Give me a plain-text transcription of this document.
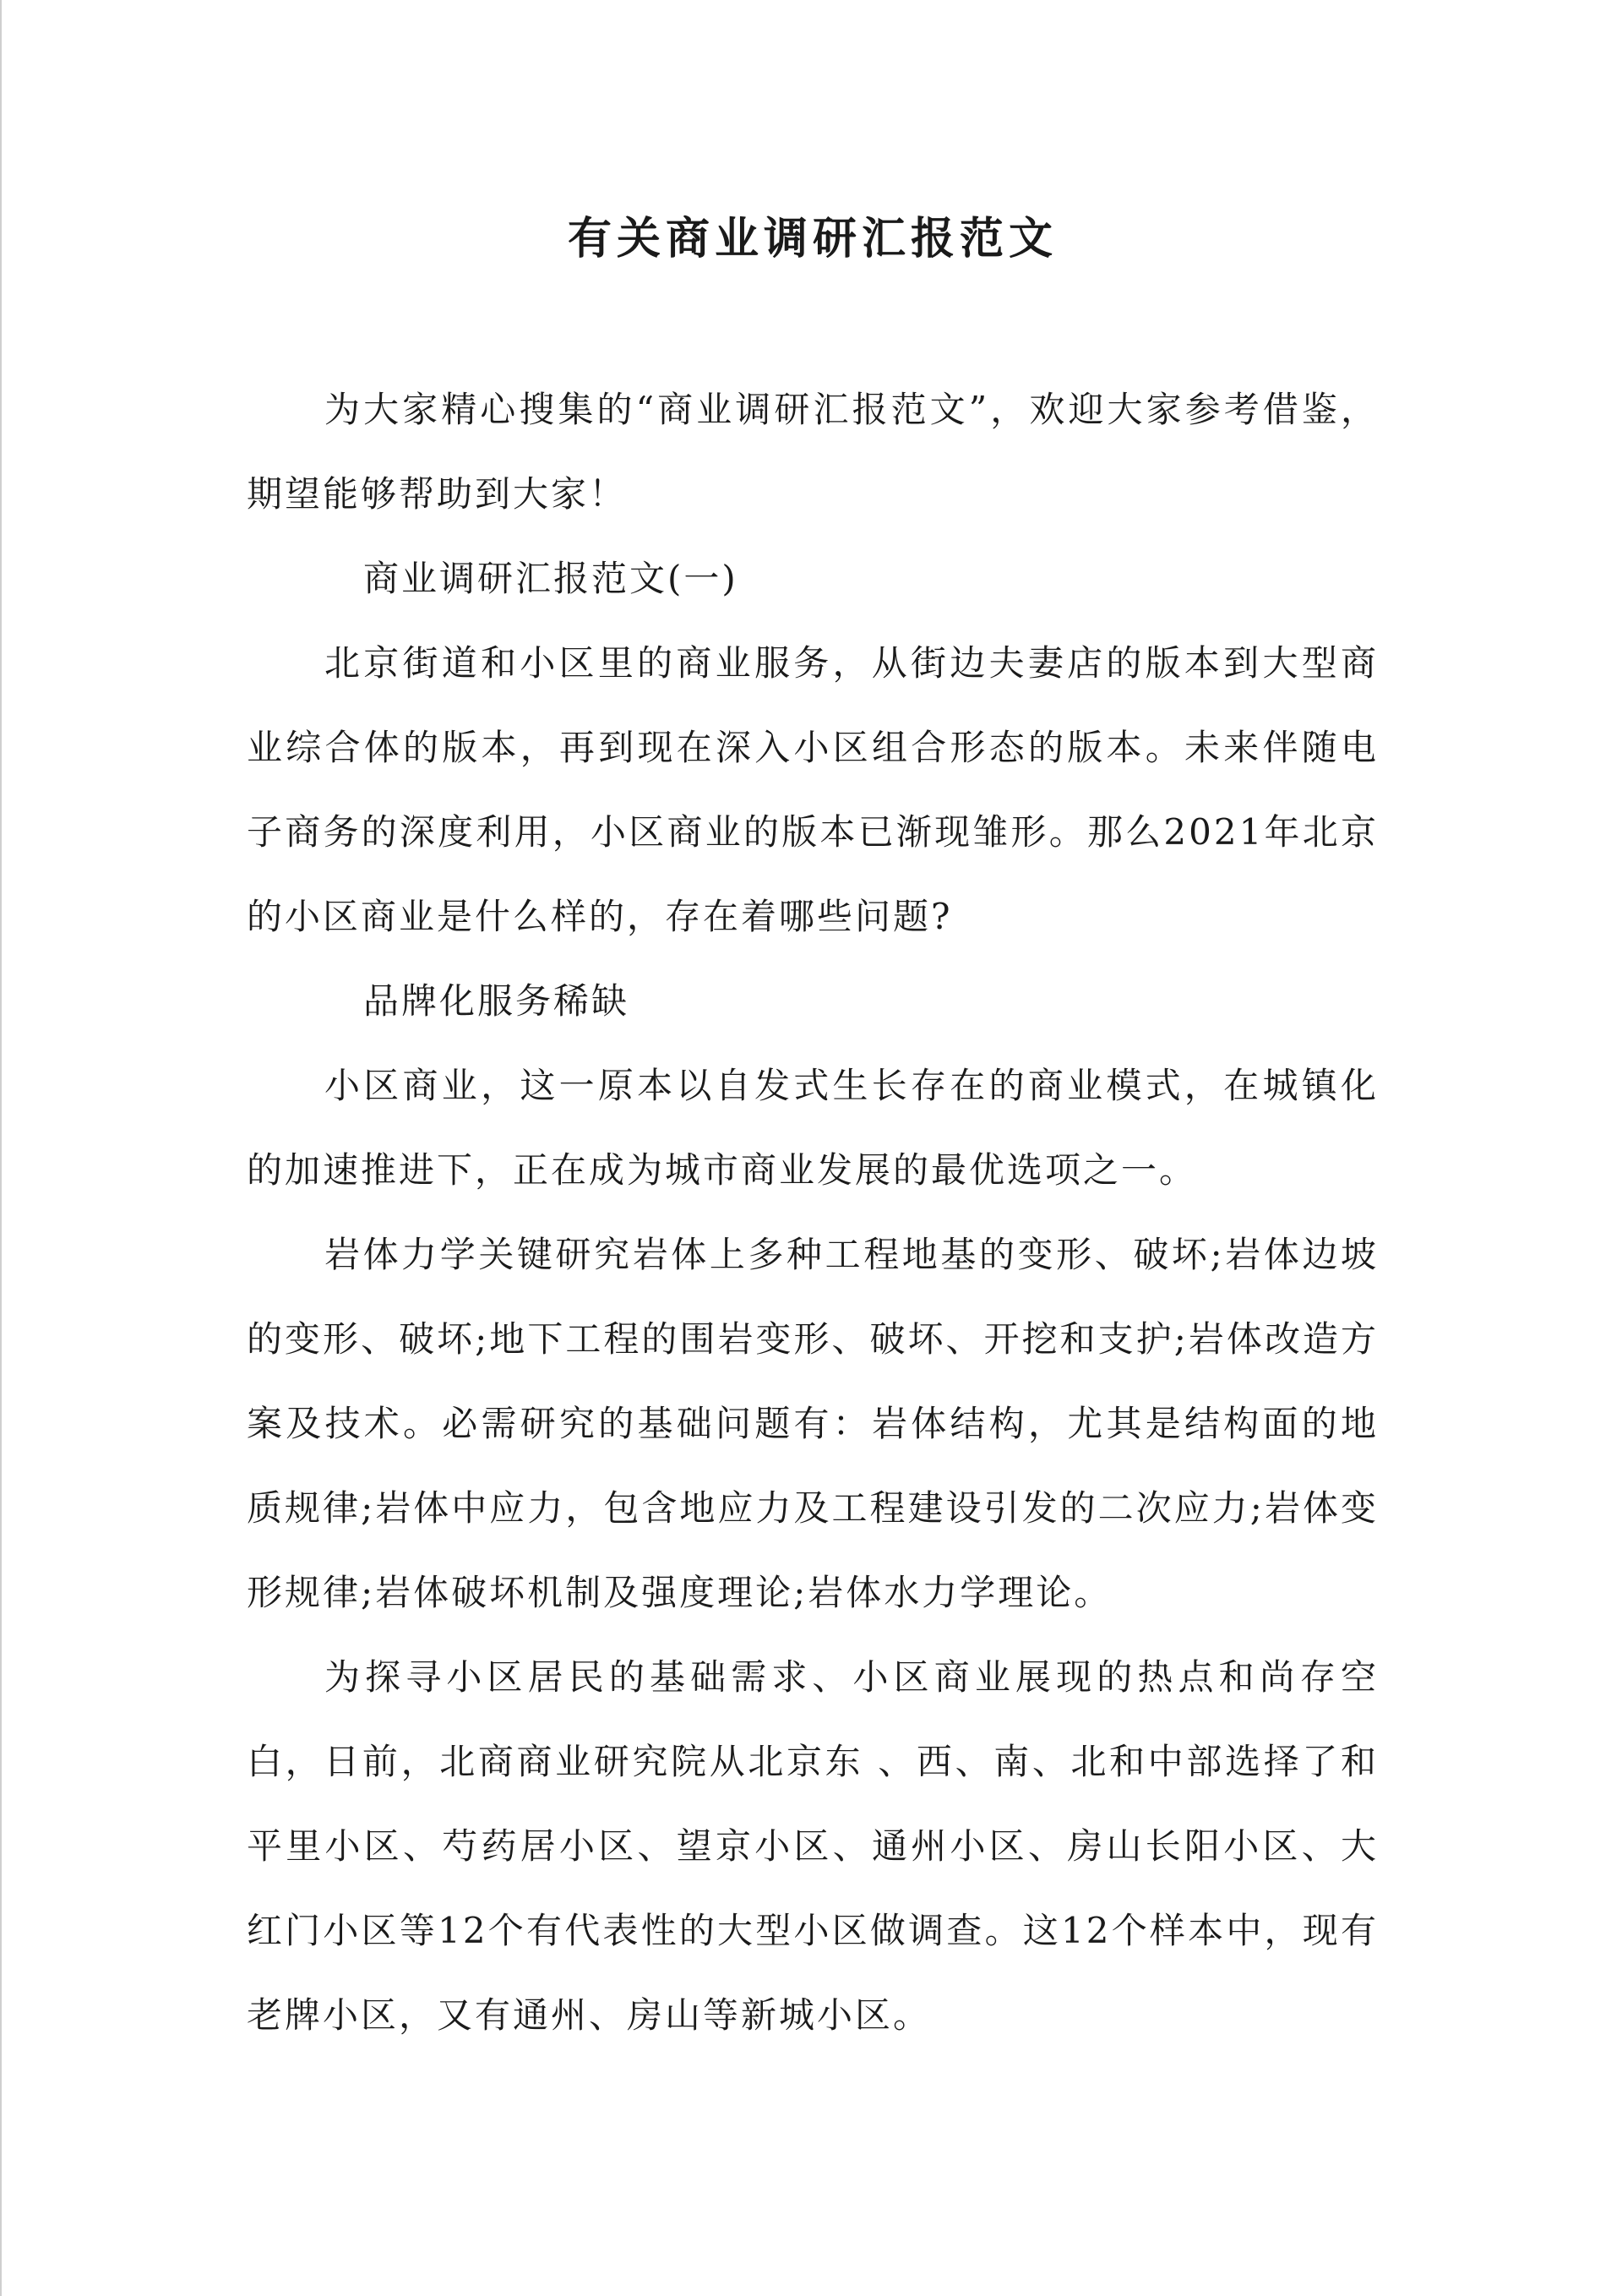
有关商业调研汇报范文

为大家精心搜集的“商业调研汇报范文”，欢迎大家参考借鉴，期望能够帮助到大家！

商业调研汇报范文(一)

北京街道和小区里的商业服务，从街边夫妻店的版本到大型商业综合体的版本，再到现在深入小区组合形态的版本。未来伴随电子商务的深度利用，小区商业的版本已渐现雏形。那么2021年北京的小区商业是什么样的，存在着哪些问题?

品牌化服务稀缺

小区商业，这一原本以自发式生长存在的商业模式，在城镇化的加速推进下，正在成为城市商业发展的最优选项之一。

岩体力学关键研究岩体上多种工程地基的变形、破坏;岩体边坡的变形、破坏;地下工程的围岩变形、破坏、开挖和支护;岩体改造方案及技术。必需研究的基础问题有：岩体结构，尤其是结构面的地质规律;岩体中应力，包含地应力及工程建设引发的二次应力;岩体变形规律;岩体破坏机制及强度理论;岩体水力学理论。

为探寻小区居民的基础需求、小区商业展现的热点和尚存空白，日前，北商商业研究院从北京东 、西、南、北和中部选择了和平里小区、芍药居小区、望京小区、通州小区、房山长阳小区、大红门小区等12个有代表性的大型小区做调查。这12个样本中，现有老牌小区，又有通州、房山等新城小区。
